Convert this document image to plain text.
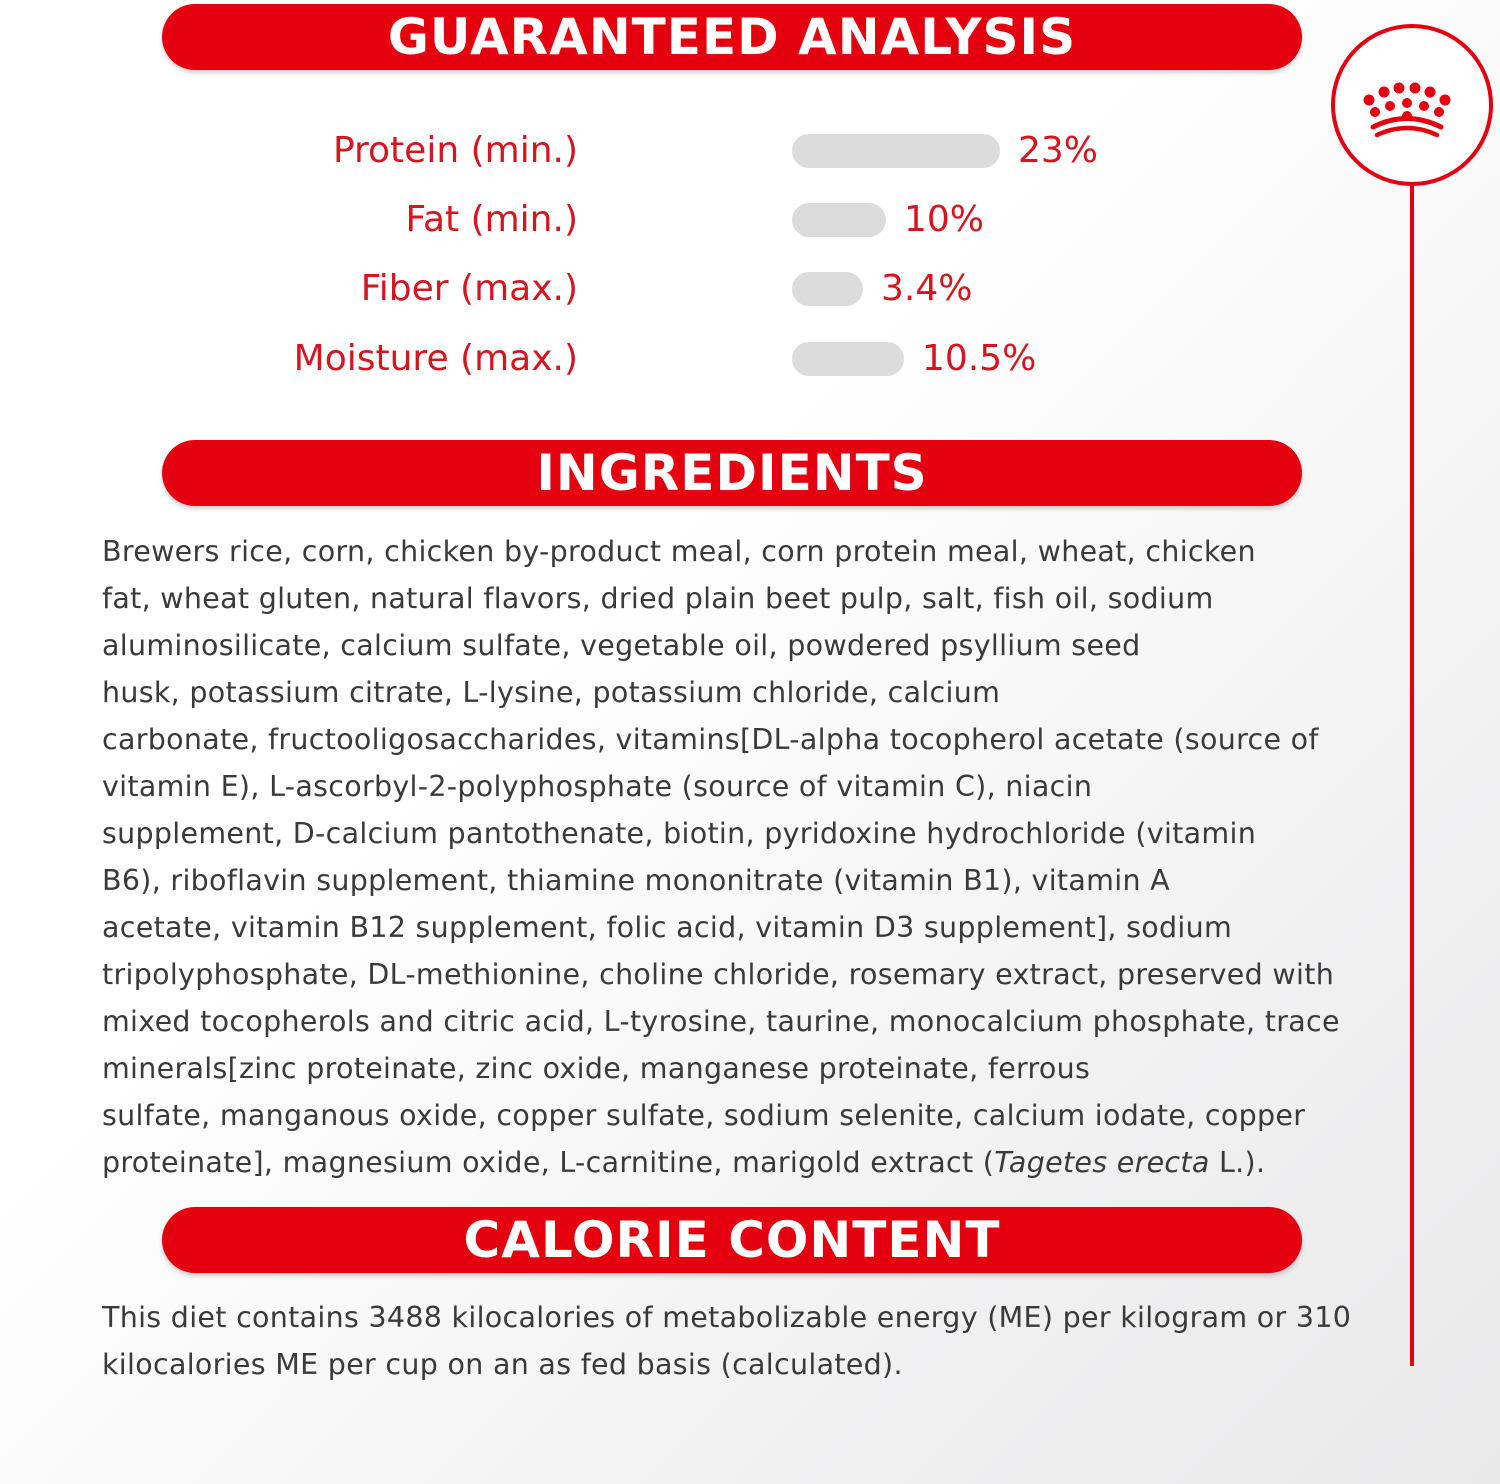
GUARANTEED ANALYSIS
Protein (min.)	23%
Fat (min.)	10%
Fiber (max.)	3.4%
Moisture (max.)	10.5%
INGREDIENTS
Brewers rice, corn, chicken by-product meal, corn protein meal, wheat, chicken
fat, wheat gluten, natural flavors, dried plain beet pulp, salt, fish oil, sodium
aluminosilicate, calcium sulfate, vegetable oil, powdered psyllium seed
husk, potassium citrate, L-lysine, potassium chloride, calcium
carbonate, fructooligosaccharides, vitamins[DL-alpha tocopherol acetate (source of
vitamin E), L-ascorbyl-2-polyphosphate (source of vitamin C), niacin
supplement, D-calcium pantothenate, biotin, pyridoxine hydrochloride (vitamin
B6), riboflavin supplement, thiamine mononitrate (vitamin B1), vitamin A
acetate, vitamin B12 supplement, folic acid, vitamin D3 supplement], sodium
tripolyphosphate, DL-methionine, choline chloride, rosemary extract, preserved with
mixed tocopherols and citric acid, L-tyrosine, taurine, monocalcium phosphate, trace
minerals[zinc proteinate, zinc oxide, manganese proteinate, ferrous
sulfate, manganous oxide, copper sulfate, sodium selenite, calcium iodate, copper
proteinate], magnesium oxide, L-carnitine, marigold extract (Tagetes erecta L.).
CALORIE CONTENT
This diet contains 3488 kilocalories of metabolizable energy (ME) per kilogram or 310
kilocalories ME per cup on an as fed basis (calculated).
